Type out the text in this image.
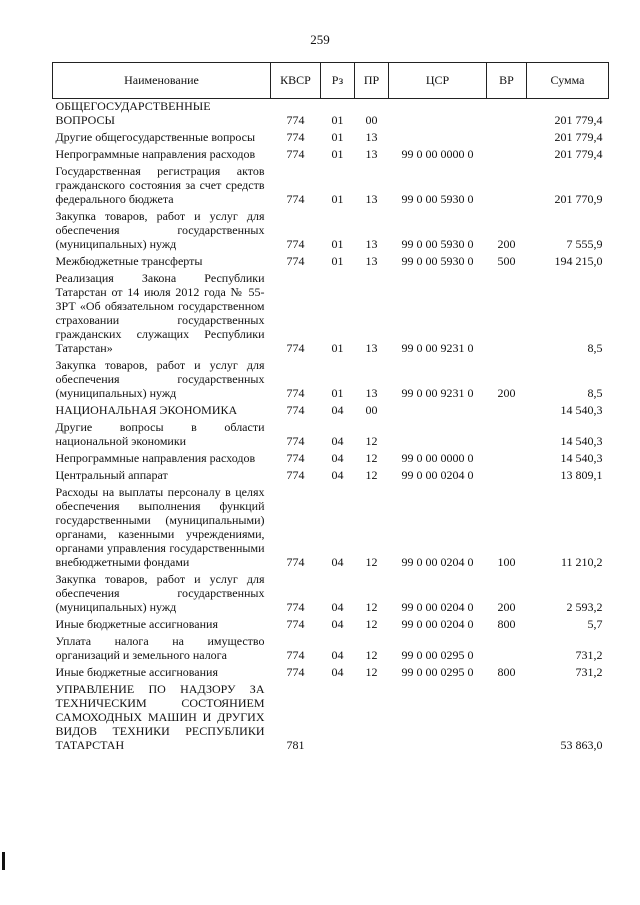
259
Наименование	КВСР	Рз	ПР	ЦСР	ВР	Сумма
ОБЩЕГОСУДАРСТВЕННЫЕ ВОПРОСЫ	774	01	00			201 779,4
Другие общегосударственные вопросы	774	01	13			201 779,4
Непрограммные направления расходов	774	01	13	99 0 00 0000 0		201 779,4
Государственная регистрация актов гражданского состояния за счет средств федерального бюджета	774	01	13	99 0 00 5930 0		201 770,9
Закупка товаров, работ и услуг для обеспечения государственных (муниципальных) нужд	774	01	13	99 0 00 5930 0	200	7 555,9
Межбюджетные трансферты	774	01	13	99 0 00 5930 0	500	194 215,0
Реализация Закона Республики Татарстан от 14 июля 2012 года № 55-ЗРТ «Об обязательном государственном страховании государственных гражданских служащих Республики Татарстан»	774	01	13	99 0 00 9231 0		8,5
Закупка товаров, работ и услуг для обеспечения государственных (муниципальных) нужд	774	01	13	99 0 00 9231 0	200	8,5
НАЦИОНАЛЬНАЯ ЭКОНОМИКА	774	04	00			14 540,3
Другие вопросы в области национальной экономики	774	04	12			14 540,3
Непрограммные направления расходов	774	04	12	99 0 00 0000 0		14 540,3
Центральный аппарат	774	04	12	99 0 00 0204 0		13 809,1
Расходы на выплаты персоналу в целях обеспечения выполнения функций государственными (муниципальными) органами, казенными учреждениями, органами управления государственными внебюджетными фондами	774	04	12	99 0 00 0204 0	100	11 210,2
Закупка товаров, работ и услуг для обеспечения государственных (муниципальных) нужд	774	04	12	99 0 00 0204 0	200	2 593,2
Иные бюджетные ассигнования	774	04	12	99 0 00 0204 0	800	5,7
Уплата налога на имущество организаций и земельного налога	774	04	12	99 0 00 0295 0		731,2
Иные бюджетные ассигнования	774	04	12	99 0 00 0295 0	800	731,2
УПРАВЛЕНИЕ ПО НАДЗОРУ ЗА ТЕХНИЧЕСКИМ СОСТОЯНИЕМ САМОХОДНЫХ МАШИН И ДРУГИХ ВИДОВ ТЕХНИКИ РЕСПУБЛИКИ ТАТАРСТАН	781					53 863,0
